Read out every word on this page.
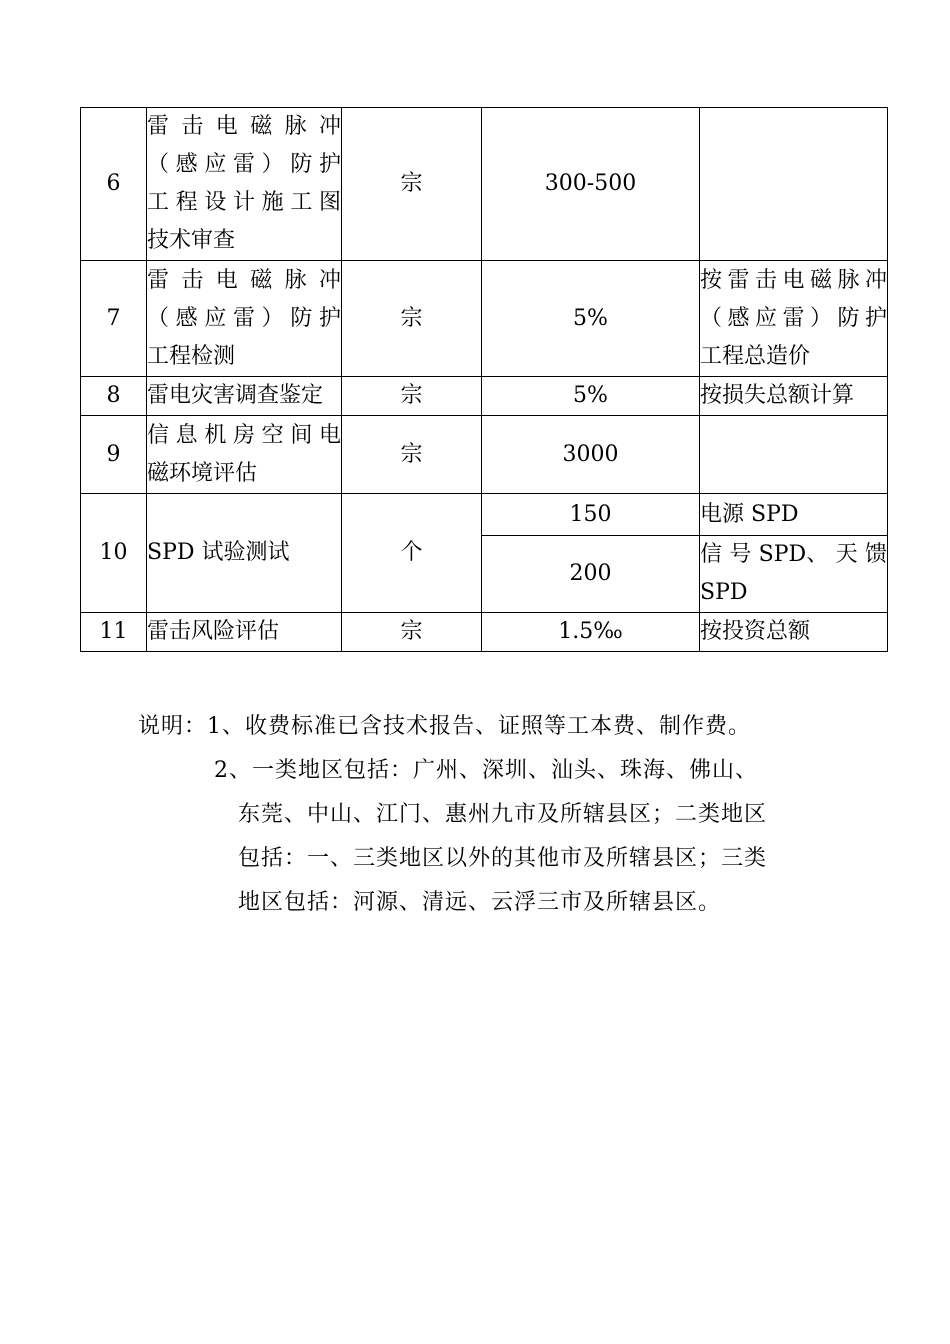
6	雷 击 电 磁 脉 冲
（感应雷）防护
工程设计施工图
技术审查	宗	300-500	
7	雷 击 电 磁 脉 冲
（感应雷）防护
工程检测	宗	5%	按雷击电磁脉冲
（感应雷）防护
工程总造价

8	雷电灾害调查鉴定	宗	5%	按损失总额计算
9	信息机房空间电
磁环境评估	宗	3000	
10	SPD 试验测试	个	150	电源 SPD
			200	信 号 SPD、 天 馈
SPD

11	雷击风险评估	宗	1.5‰	按投资总额

说明：1、收费标准已含技术报告、证照等工本费、制作费。

2、一类地区包括：广州、深圳、汕头、珠海、佛山、

东莞、中山、江门、惠州九市及所辖县区；二类地区

包括：一、三类地区以外的其他市及所辖县区；三类

地区包括：河源、清远、云浮三市及所辖县区。
